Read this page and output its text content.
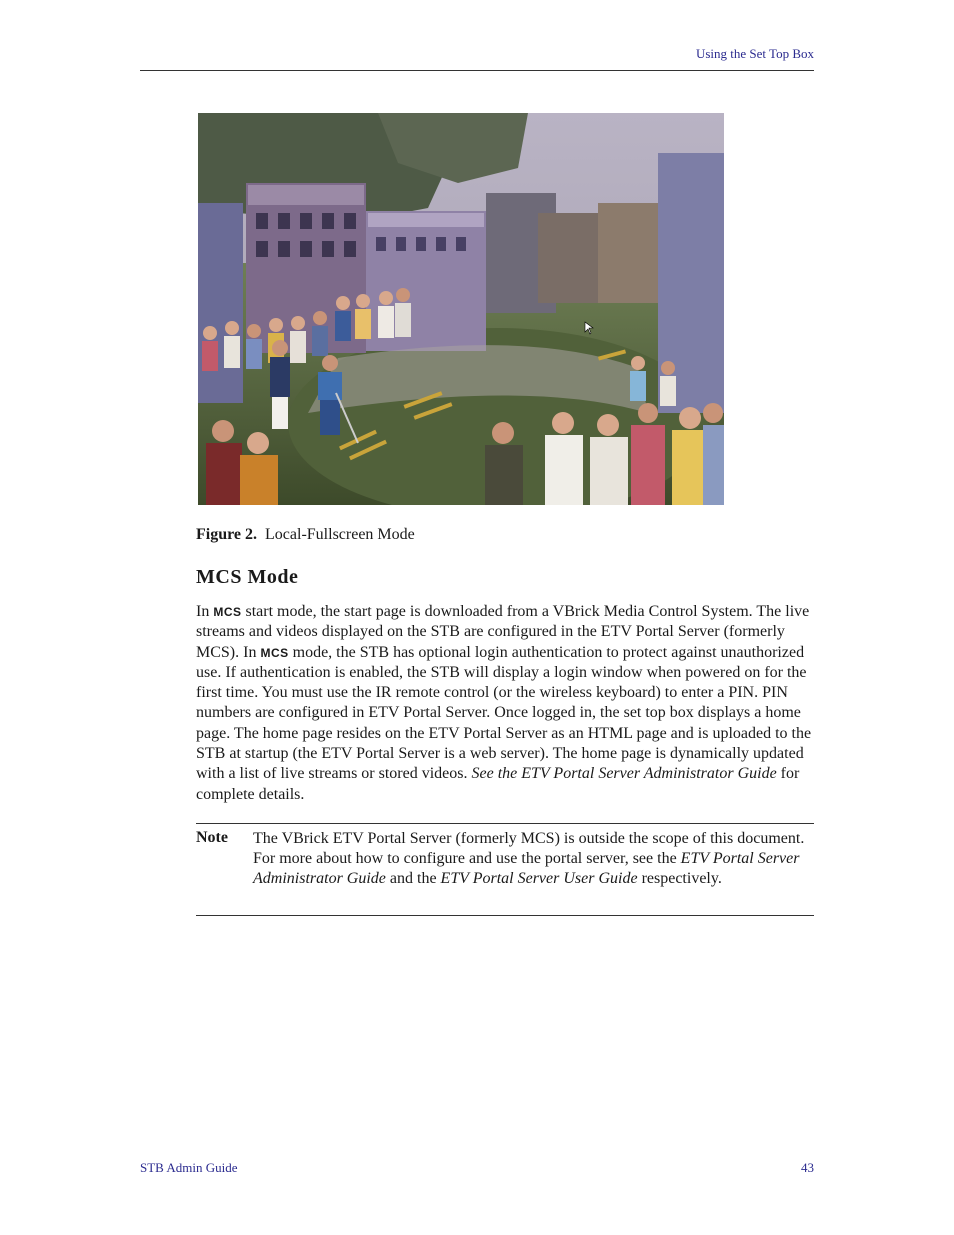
Using the Set Top Box
Figure 2. Local-Fullscreen Mode
MCS Mode

In MCS start mode, the start page is downloaded from a VBrick Media Control System. The live streams and videos displayed on the STB are configured in the ETV Portal Server (formerly MCS). In MCS mode, the STB has optional login authentication to protect against unauthorized use. If authentication is enabled, the STB will display a login window when powered on for the first time. You must use the IR remote control (or the wireless keyboard) to enter a PIN. PIN numbers are configured in ETV Portal Server. Once logged in, the set top box displays a home page. The home page resides on the ETV Portal Server as an HTML page and is uploaded to the STB at startup (the ETV Portal Server is a web server). The home page is dynamically updated with a list of live streams or stored videos. See the ETV Portal Server Administrator Guide for complete details.

Note The VBrick ETV Portal Server (formerly MCS) is outside the scope of this document. For more about how to configure and use the portal server, see the ETV Portal Server Administrator Guide and the ETV Portal Server User Guide respectively.

STB Admin Guide	43
